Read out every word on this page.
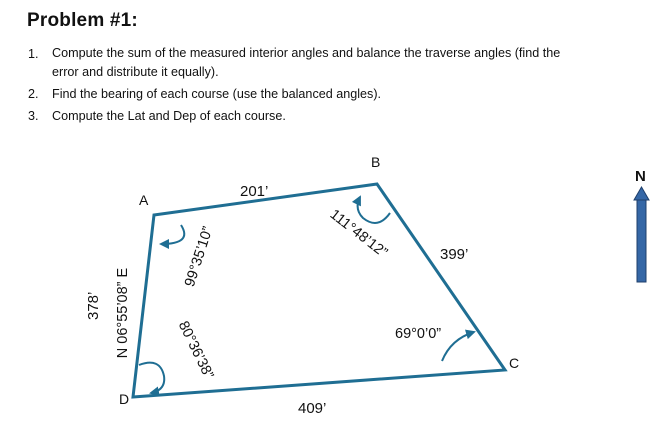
Problem #1:
1. Compute the sum of the measured interior angles and balance the traverse angles (find the
error and distribute it equally).
2. Find the bearing of each course (use the balanced angles).
3. Compute the Lat and Dep of each course.
A
B
C
D
201’
399’
409’
378’ N 06°55’08” E
99°35’10”	111°48’12”
69°0’0”
80°36’38”
N
